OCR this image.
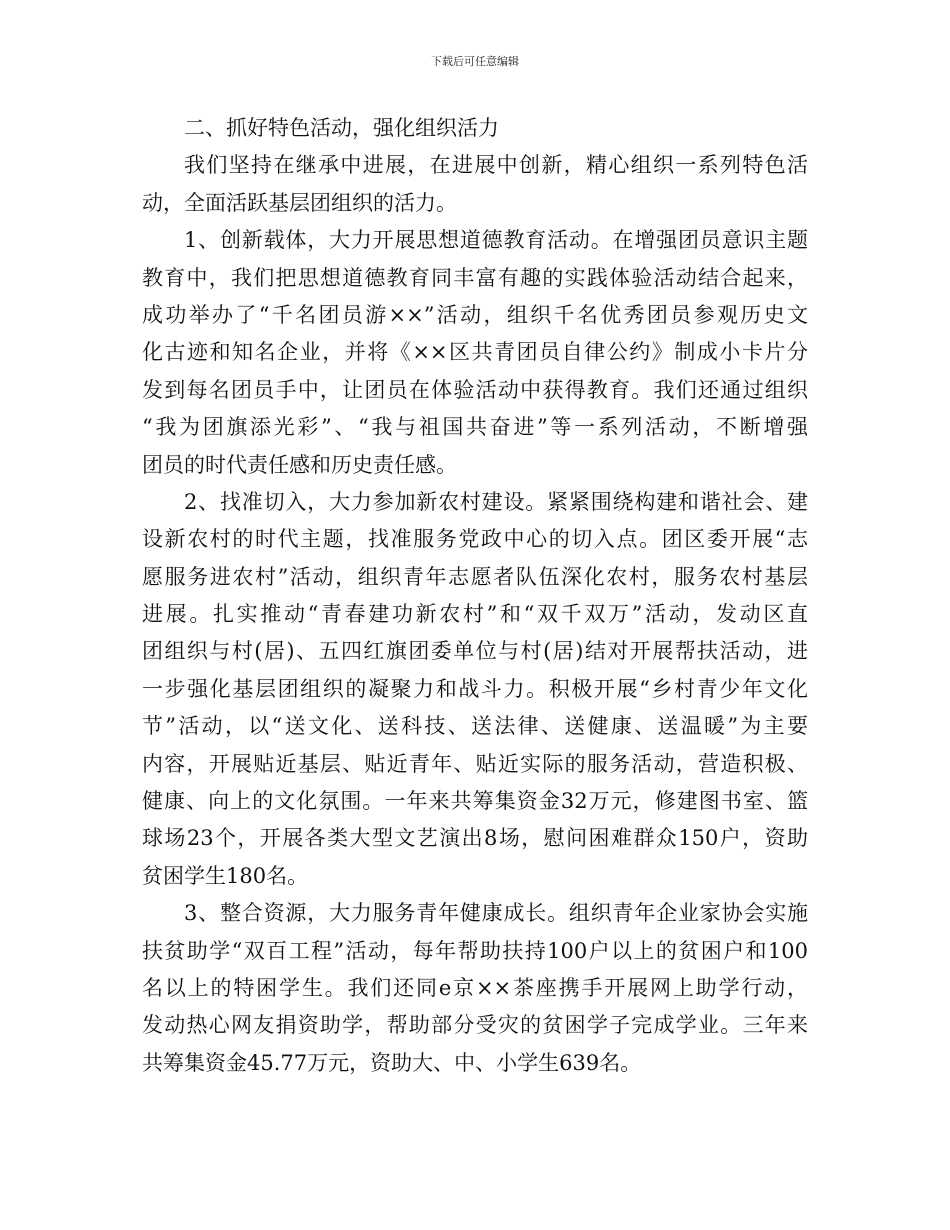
下载后可任意编辑
二、抓好特色活动，强化组织活力
我们坚持在继承中进展，在进展中创新，精心组织一系列特色活
动，全面活跃基层团组织的活力。
1、创新载体，大力开展思想道德教育活动。在增强团员意识主题
教育中，我们把思想道德教育同丰富有趣的实践体验活动结合起来，
成功举办了“千名团员游××”活动，组织千名优秀团员参观历史文
化古迹和知名企业，并将《××区共青团员自律公约》制成小卡片分
发到每名团员手中，让团员在体验活动中获得教育。我们还通过组织
“我为团旗添光彩”、“我与祖国共奋进”等一系列活动，不断增强
团员的时代责任感和历史责任感。
2、找准切入，大力参加新农村建设。紧紧围绕构建和谐社会、建
设新农村的时代主题，找准服务党政中心的切入点。团区委开展“志
愿服务进农村”活动，组织青年志愿者队伍深化农村，服务农村基层
进展。扎实推动“青春建功新农村”和“双千双万”活动，发动区直
团组织与村(居)、五四红旗团委单位与村(居)结对开展帮扶活动，进
一步强化基层团组织的凝聚力和战斗力。积极开展“乡村青少年文化
节”活动，以“送文化、送科技、送法律、送健康、送温暖”为主要
内容，开展贴近基层、贴近青年、贴近实际的服务活动，营造积极、
健康、向上的文化氛围。一年来共筹集资金32万元，修建图书室、篮
球场23个，开展各类大型文艺演出8场，慰问困难群众150户，资助
贫困学生180名。
3、整合资源，大力服务青年健康成长。组织青年企业家协会实施
扶贫助学“双百工程”活动，每年帮助扶持100户以上的贫困户和100
名以上的特困学生。我们还同e京××茶座携手开展网上助学行动，
发动热心网友捐资助学，帮助部分受灾的贫困学子完成学业。三年来
共筹集资金45.77万元，资助大、中、小学生639名。
